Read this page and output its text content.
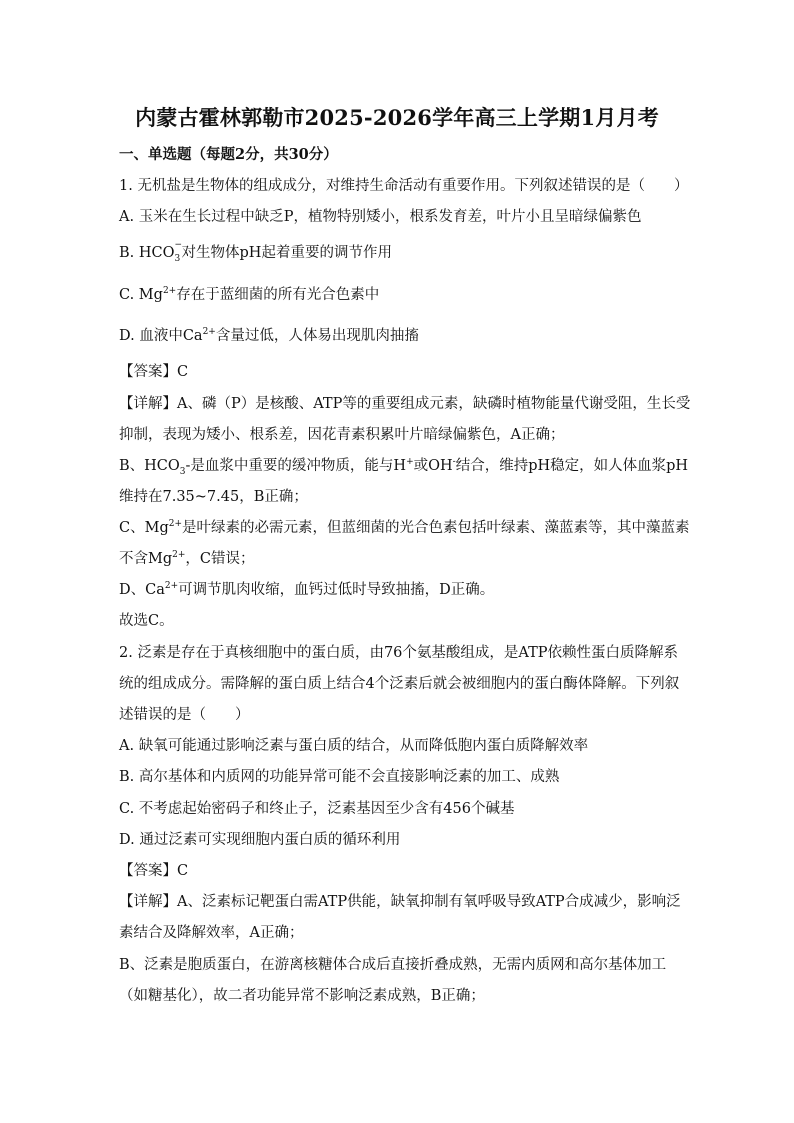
内蒙古霍林郭勒市2025-2026学年高三上学期1月月考
一、单选题（每题2分，共30分）
1. 无机盐是生物体的组成成分，对维持生命活动有重要作用。下列叙述错误的是（　　）
A. 玉米在生长过程中缺乏P，植物特别矮小，根系发育差，叶片小且呈暗绿偏紫色
B. HCO −
3 对生物体pH起着重要的调节作用
C. $Mg^{2+}$存在于蓝细菌的所有光合色素中
D. 血液中$Ca^{2+}$含量过低，人体易出现肌肉抽搐
【答案】C
【详解】A、磷（P）是核酸、ATP等的重要组成元素，缺磷时植物能量代谢受阻，生长受
抑制，表现为矮小、根系差，因花青素积累叶片暗绿偏紫色，A正确；
B、$HCO_3-$是血浆中重要的缓冲物质，能与H+或OH-结合，维持pH稳定，如人体血浆pH
维持在7.35~7.45，B正确；
C、$Mg^{2+}$是叶绿素的必需元素，但蓝细菌的光合色素包括叶绿素、藻蓝素等，其中藻蓝素
不含$Mg^{2+}$，C错误；
D、$Ca^{2+}$可调节肌肉收缩，血钙过低时导致抽搐，D正确。
故选C。
2. 泛素是存在于真核细胞中的蛋白质，由76个氨基酸组成，是ATP依赖性蛋白质降解系
统的组成成分。需降解的蛋白质上结合4个泛素后就会被细胞内的蛋白酶体降解。下列叙
述错误的是（　　）
A. 缺氧可能通过影响泛素与蛋白质的结合，从而降低胞内蛋白质降解效率
B. 高尔基体和内质网的功能异常可能不会直接影响泛素的加工、成熟
C. 不考虑起始密码子和终止子，泛素基因至少含有456个碱基
D. 通过泛素可实现细胞内蛋白质的循环利用
【答案】C
【详解】A、泛素标记靶蛋白需ATP供能，缺氧抑制有氧呼吸导致ATP合成减少，影响泛
素结合及降解效率，A正确；
B、泛素是胞质蛋白，在游离核糖体合成后直接折叠成熟，无需内质网和高尔基体加工
（如糖基化），故二者功能异常不影响泛素成熟，B正确；
